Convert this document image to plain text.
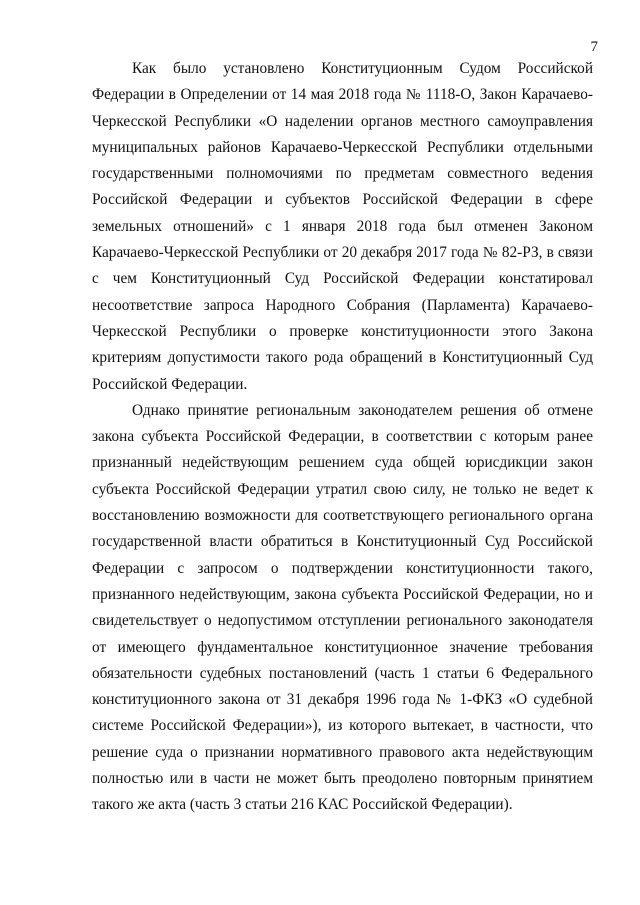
7

Как было установлено Конституционным Судом Российской
Федерации в Определении от 14 мая 2018 года № 1118-О, Закон Карачаево-
Черкесской Республики «О наделении органов местного самоуправления
муниципальных районов Карачаево-Черкесской Республики отдельными
государственными полномочиями по предметам совместного ведения
Российской Федерации и субъектов Российской Федерации в сфере
земельных отношений» с 1 января 2018 года был отменен Законом
Карачаево-Черкесской Республики от 20 декабря 2017 года № 82-РЗ, в связи
с чем Конституционный Суд Российской Федерации констатировал
несоответствие запроса Народного Собрания (Парламента) Карачаево-
Черкесской Республики о проверке конституционности этого Закона
критериям допустимости такого рода обращений в Конституционный Суд
Российской Федерации.

Однако принятие региональным законодателем решения об отмене
закона субъекта Российской Федерации, в соответствии с которым ранее
признанный недействующим решением суда общей юрисдикции закон
субъекта Российской Федерации утратил свою силу, не только не ведет к
восстановлению возможности для соответствующего регионального органа
государственной власти обратиться в Конституционный Суд Российской
Федерации с запросом о подтверждении конституционности такого,
признанного недействующим, закона субъекта Российской Федерации, но и
свидетельствует о недопустимом отступлении регионального законодателя
от имеющего фундаментальное конституционное значение требования
обязательности судебных постановлений (часть 1 статьи 6 Федерального
конституционного закона от 31 декабря 1996 года № 1-ФКЗ «О судебной
системе Российской Федерации»), из которого вытекает, в частности, что
решение суда о признании нормативного правового акта недействующим
полностью или в части не может быть преодолено повторным принятием
такого же акта (часть 3 статьи 216 КАС Российской Федерации).
